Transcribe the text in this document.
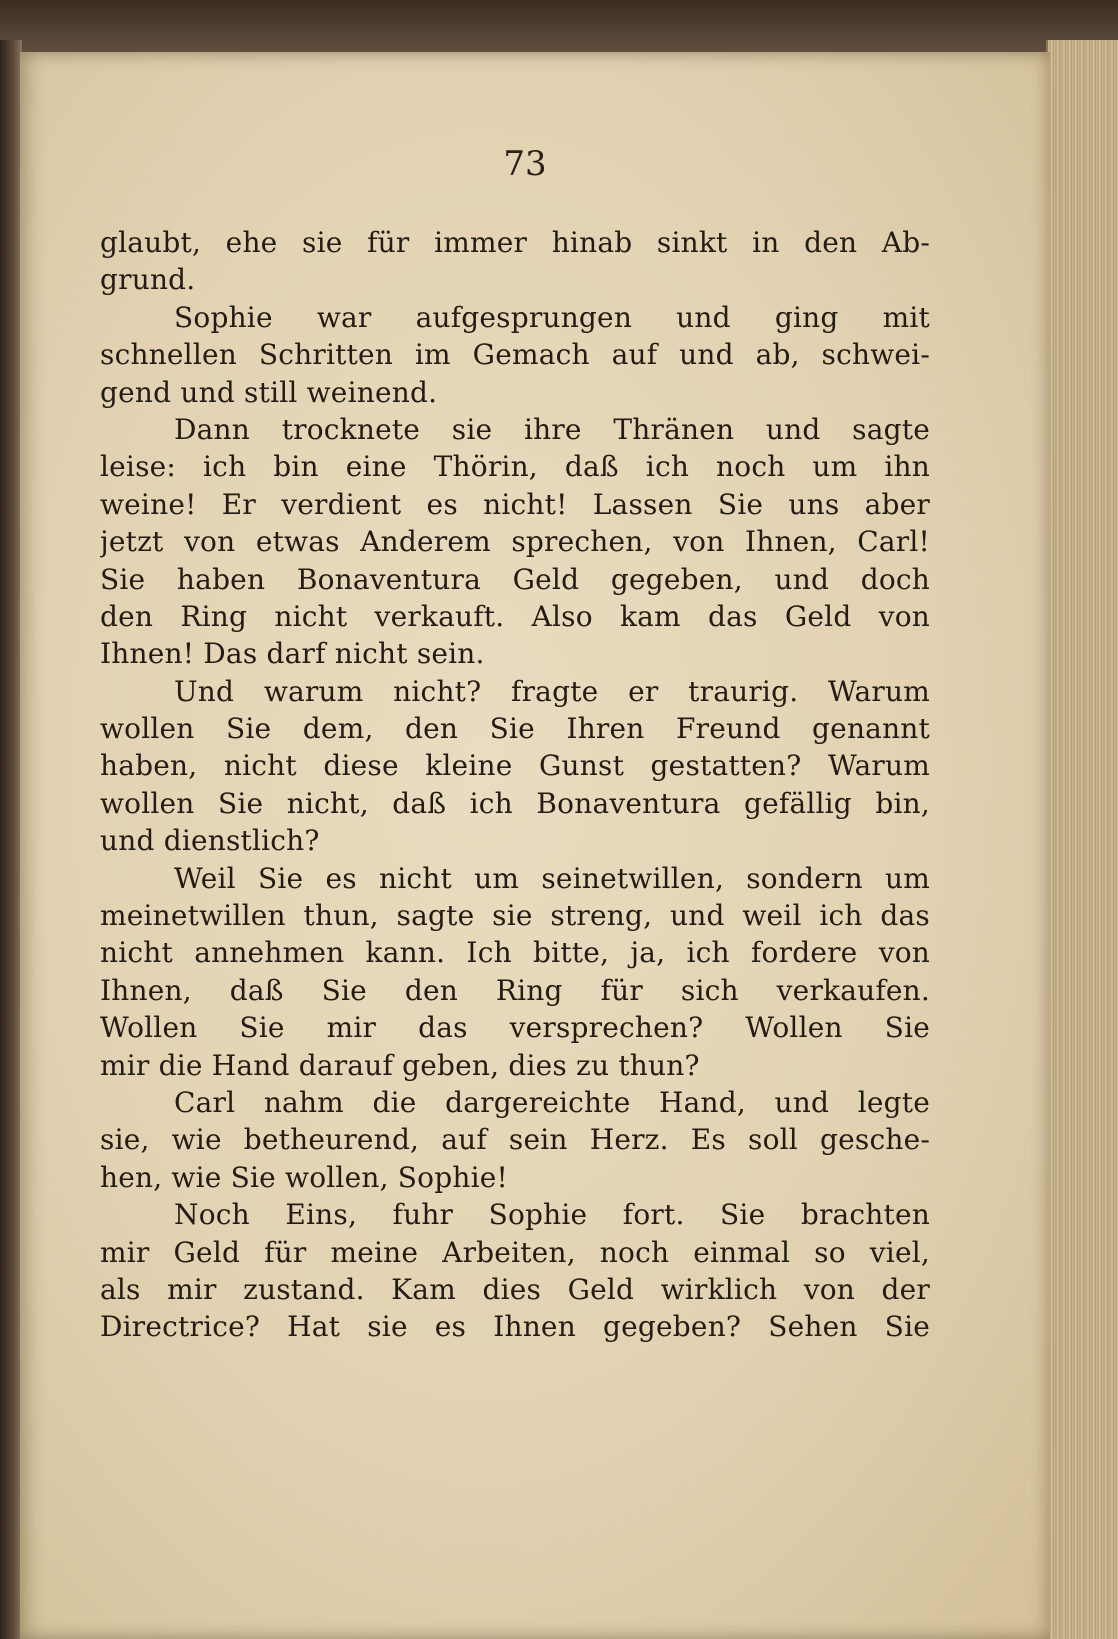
73

glaubt, ehe sie für immer hinab sinkt in den Ab-
grund.
Sophie war aufgesprungen und ging mit
schnellen Schritten im Gemach auf und ab, schwei-
gend und still weinend.
Dann trocknete sie ihre Thränen und sagte
leise: ich bin eine Thörin, daß ich noch um ihn
weine! Er verdient es nicht! Lassen Sie uns aber
jetzt von etwas Anderem sprechen, von Ihnen, Carl!
Sie haben Bonaventura Geld gegeben, und doch
den Ring nicht verkauft. Also kam das Geld von
Ihnen! Das darf nicht sein.
Und warum nicht? fragte er traurig. Warum
wollen Sie dem, den Sie Ihren Freund genannt
haben, nicht diese kleine Gunst gestatten? Warum
wollen Sie nicht, daß ich Bonaventura gefällig bin,
und dienstlich?
Weil Sie es nicht um seinetwillen, sondern um
meinetwillen thun, sagte sie streng, und weil ich das
nicht annehmen kann. Ich bitte, ja, ich fordere von
Ihnen, daß Sie den Ring für sich verkaufen.
Wollen Sie mir das versprechen? Wollen Sie
mir die Hand darauf geben, dies zu thun?
Carl nahm die dargereichte Hand, und legte
sie, wie betheurend, auf sein Herz. Es soll gesche-
hen, wie Sie wollen, Sophie!
Noch Eins, fuhr Sophie fort. Sie brachten
mir Geld für meine Arbeiten, noch einmal so viel,
als mir zustand. Kam dies Geld wirklich von der
Directrice? Hat sie es Ihnen gegeben? Sehen Sie
